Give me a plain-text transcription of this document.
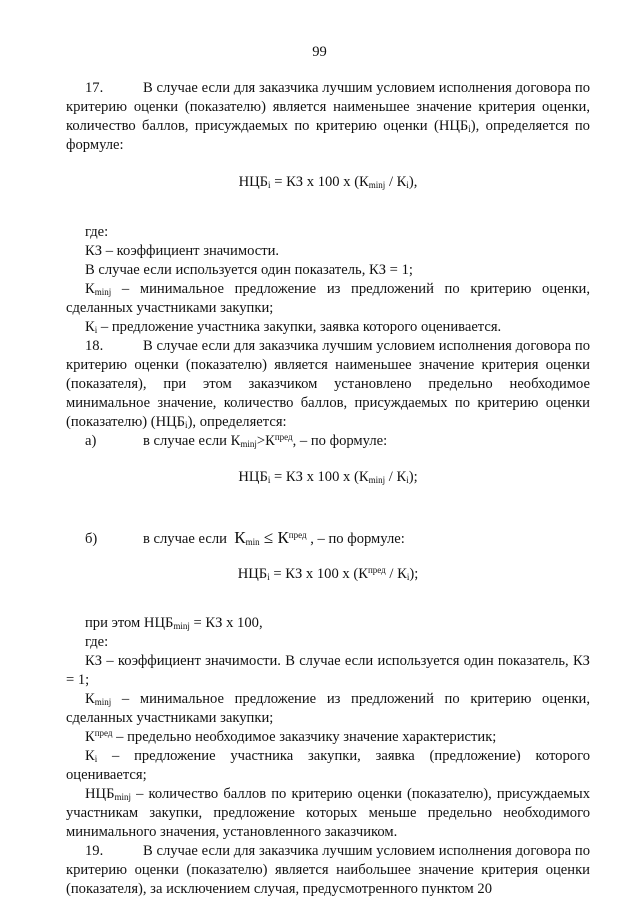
99

17.	В случае если для заказчика лучшим условием исполнения договора по критерию оценки (показателю) является наименьшее значение критерия оценки, количество баллов, присуждаемых по критерию оценки $(НЦБ_i)$, определяется по формуле:

$НЦБ_i$ = КЗ х 100 х $(К_{minј} / К_i)$,

где:

КЗ – коэффициент значимости.

В случае если используется один показатель, КЗ = 1;

$К_{minј}$ – минимальное предложение из предложений по критерию оценки, сделанных участниками закупки;

$К_i$ – предложение участника закупки, заявка которого оценивается.

18.	В случае если для заказчика лучшим условием исполнения договора по критерию оценки (показателю) является наименьшее значение критерия оценки (показателя), при этом заказчиком установлено предельно необходимое минимальное значение, количество баллов, присуждаемых по критерию оценки (показателю) $(НЦБ_i)$, определяется:

а)	в случае если $К_{minј}>К^{пред}$, – по формуле:

$НЦБ_i$ = КЗ х 100 х $(К_{minј} / К_i)$;

б)	в случае если $К_{min} \le К^{пред}$ , – по формуле:

$НЦБ_i$ = КЗ х 100 х $(К^{пред} / К_i)$;

при этом $НЦБ_{minј}$ = КЗ х 100,

где:

КЗ – коэффициент значимости. В случае если используется один показатель, КЗ = 1;

$К_{minј}$ – минимальное предложение из предложений по критерию оценки, сделанных участниками закупки;

$К^{пред}$ – предельно необходимое заказчику значение характеристик;

$К_i$ – предложение участника закупки, заявка (предложение) которого оценивается;

$НЦБ_{minј}$ – количество баллов по критерию оценки (показателю), присуждаемых участникам закупки, предложение которых меньше предельно необходимого минимального значения, установленного заказчиком.

19.	В случае если для заказчика лучшим условием исполнения договора по критерию оценки (показателю) является наибольшее значение критерия оценки (показателя), за исключением случая, предусмотренного пунктом 20
